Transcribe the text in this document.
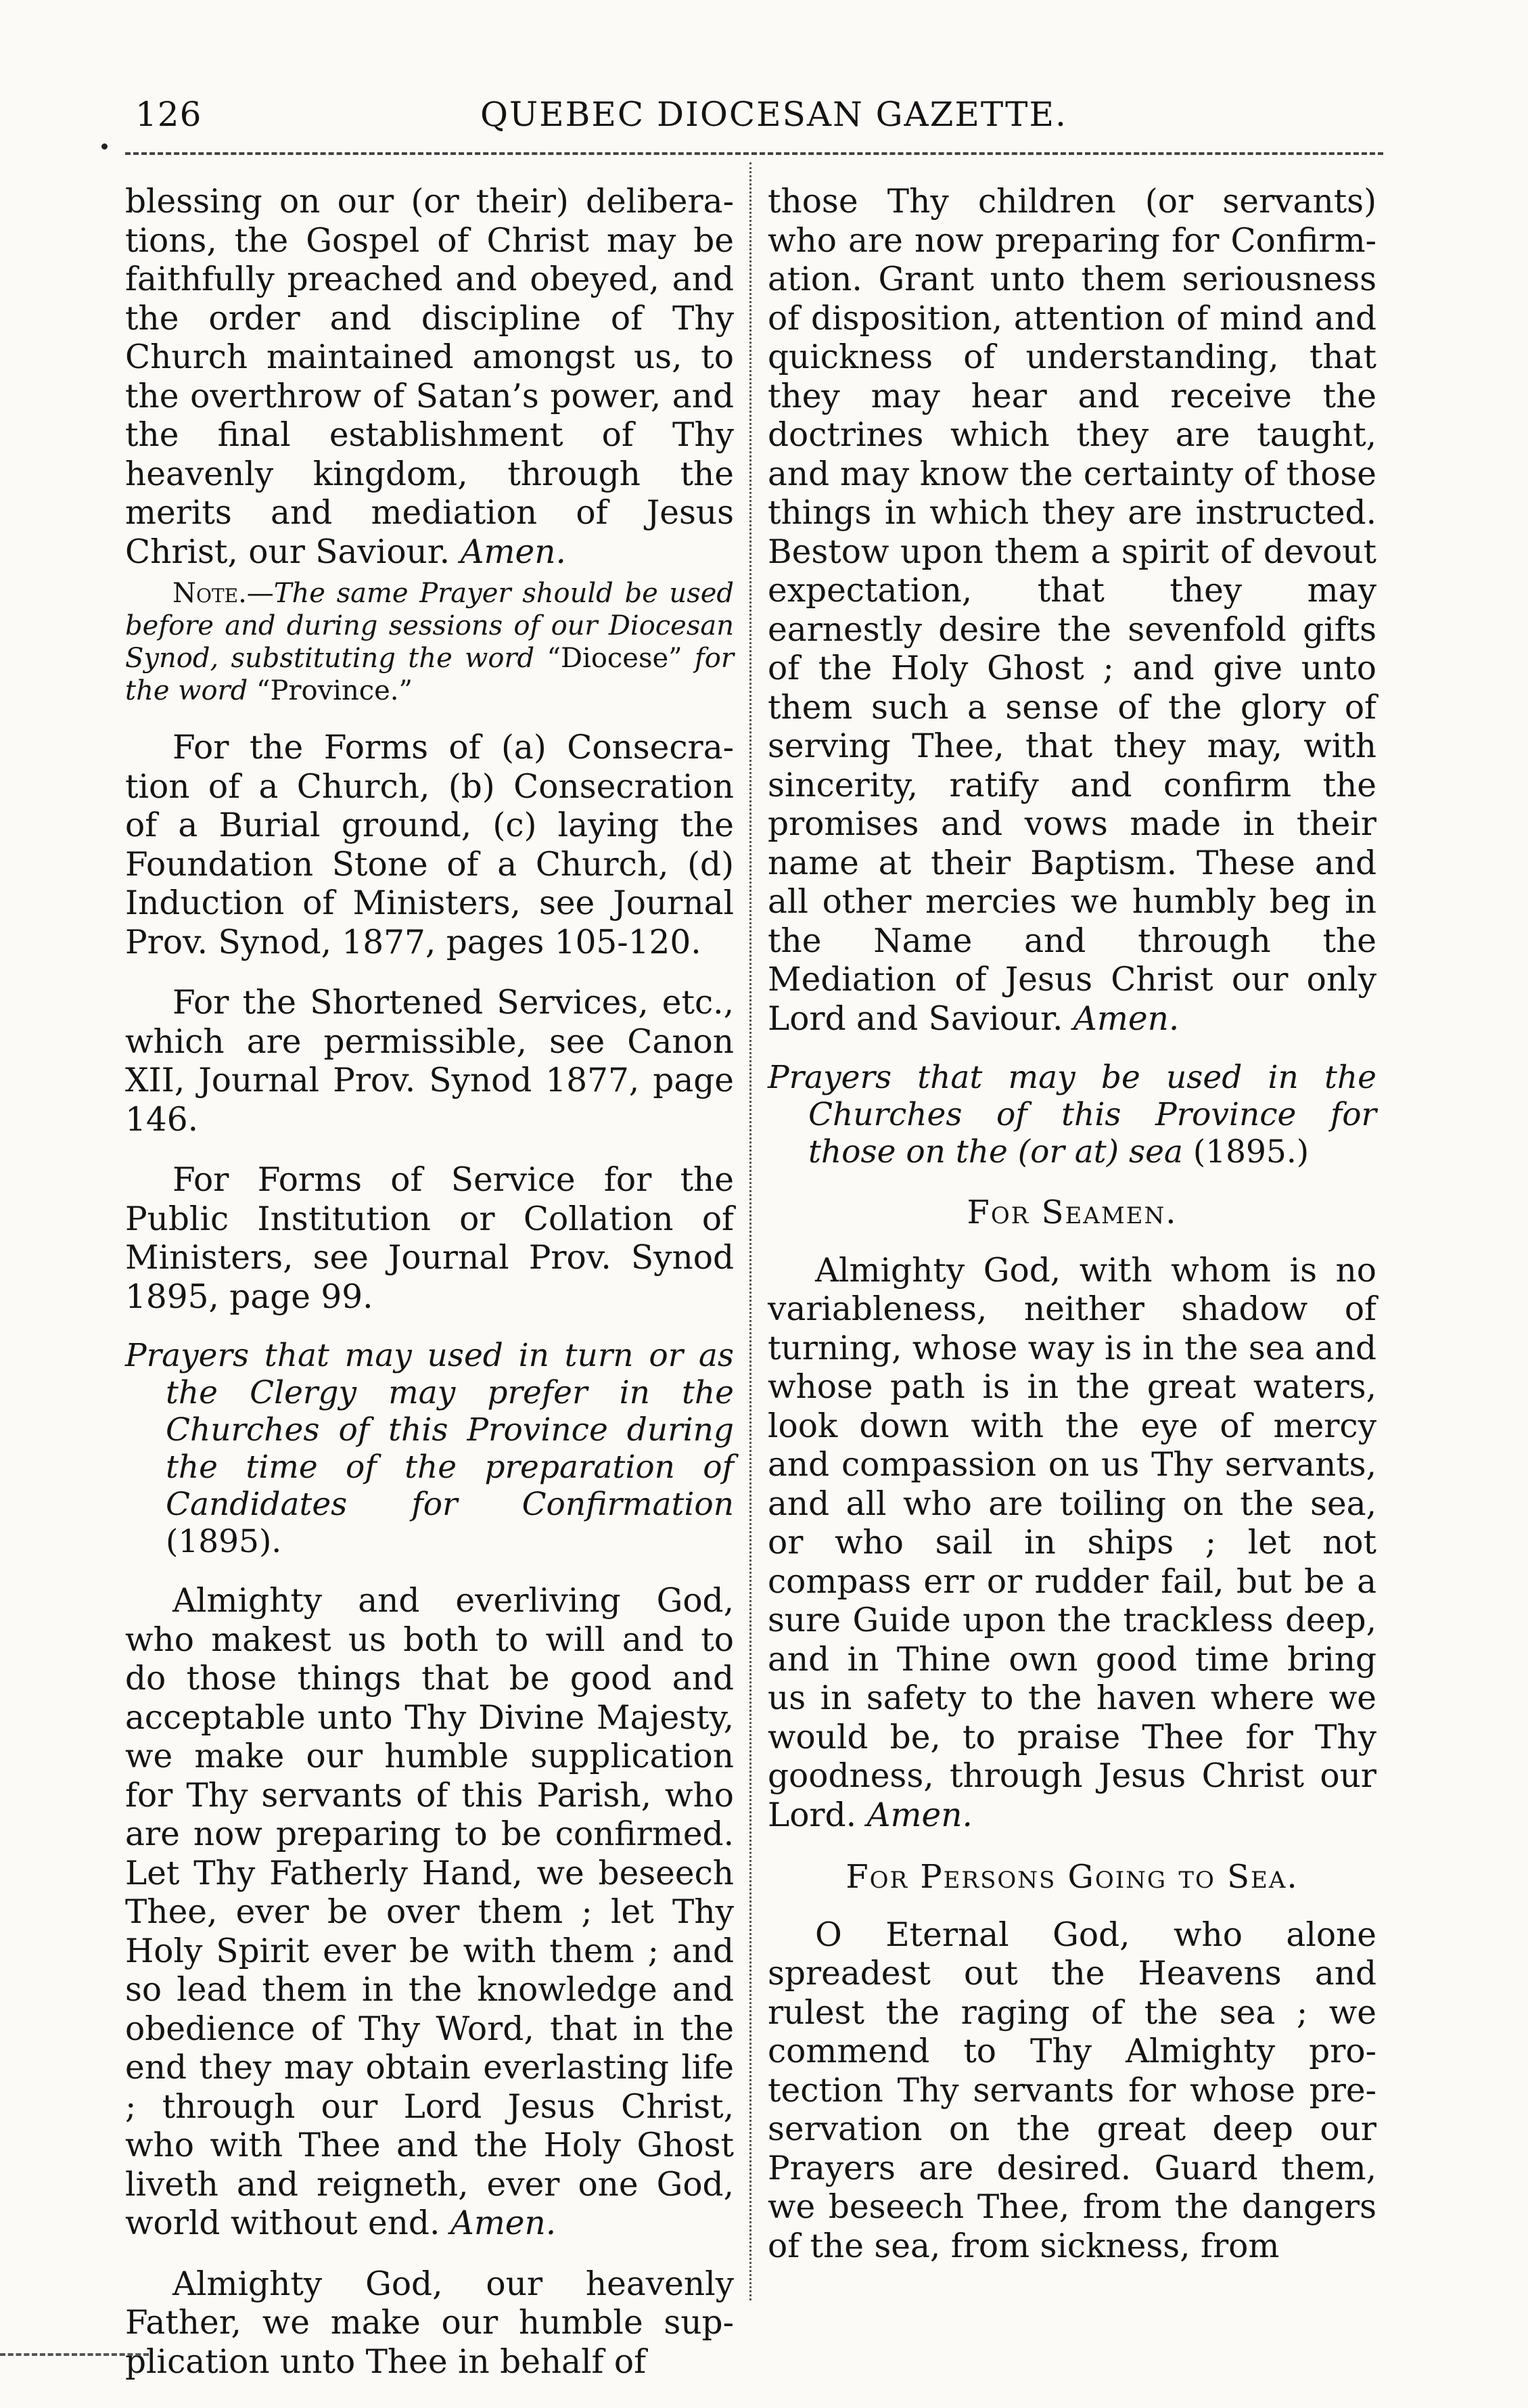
126	QUEBEC DIOCESAN GAZETTE.

blessing on our (or their) deliberations, the Gospel of Christ may be faithfully preached and obeyed, and the order and discipline of Thy Church maintained amongst us, to the overthrow of Satan’s power, and the final establishment of Thy heavenly kingdom, through the merits and mediation of Jesus Christ, our Saviour. Amen.

Note.—The same Prayer should be used before and during sessions of our Diocesan Synod, substituting the word “Diocese” for the word “Province.”

For the Forms of (a) Consecration of a Church, (b) Consecration of a Burial ground, (c) laying the Foundation Stone of a Church, (d) Induction of Ministers, see Journal Prov. Synod, 1877, pages 105-120.

For the Shortened Services, etc., which are permissible, see Canon XII, Journal Prov. Synod 1877, page 146.

For Forms of Service for the Public Institution or Collation of Ministers, see Journal Prov. Synod 1895, page 99.

Prayers that may used in turn or as the Clergy may prefer in the Churches of this Province during the time of the preparation of Candidates for Confirmation (1895).

Almighty and everliving God, who makest us both to will and to do those things that be good and acceptable unto Thy Divine Majesty, we make our humble supplication for Thy servants of this Parish, who are now preparing to be confirmed. Let Thy Fatherly Hand, we beseech Thee, ever be over them ; let Thy Holy Spirit ever be with them ; and so lead them in the knowledge and obedience of Thy Word, that in the end they may obtain everlasting life ; through our Lord Jesus Christ, who with Thee and the Holy Ghost liveth and reigneth, ever one God, world without end. Amen.

Almighty God, our heavenly Father, we make our humble supplication unto Thee in behalf of

those Thy children (or servants) who are now preparing for Confirmation. Grant unto them seriousness of disposition, attention of mind and quickness of understanding, that they may hear and receive the doctrines which they are taught, and may know the certainty of those things in which they are instructed. Bestow upon them a spirit of devout expectation, that they may earnestly desire the sevenfold gifts of the Holy Ghost ; and give unto them such a sense of the glory of serving Thee, that they may, with sincerity, ratify and confirm the promises and vows made in their name at their Baptism. These and all other mercies we humbly beg in the Name and through the Mediation of Jesus Christ our only Lord and Saviour. Amen.

Prayers that may be used in the Churches of this Province for those on the (or at) sea (1895.)

For Seamen.

Almighty God, with whom is no variableness, neither shadow of turning, whose way is in the sea and whose path is in the great waters, look down with the eye of mercy and compassion on us Thy servants, and all who are toiling on the sea, or who sail in ships ; let not compass err or rudder fail, but be a sure Guide upon the trackless deep, and in Thine own good time bring us in safety to the haven where we would be, to praise Thee for Thy goodness, through Jesus Christ our Lord. Amen.

For Persons Going to Sea.

O Eternal God, who alone spreadest out the Heavens and rulest the raging of the sea ; we commend to Thy Almighty protection Thy servants for whose preservation on the great deep our Prayers are desired. Guard them, we beseech Thee, from the dangers of the sea, from sickness, from
